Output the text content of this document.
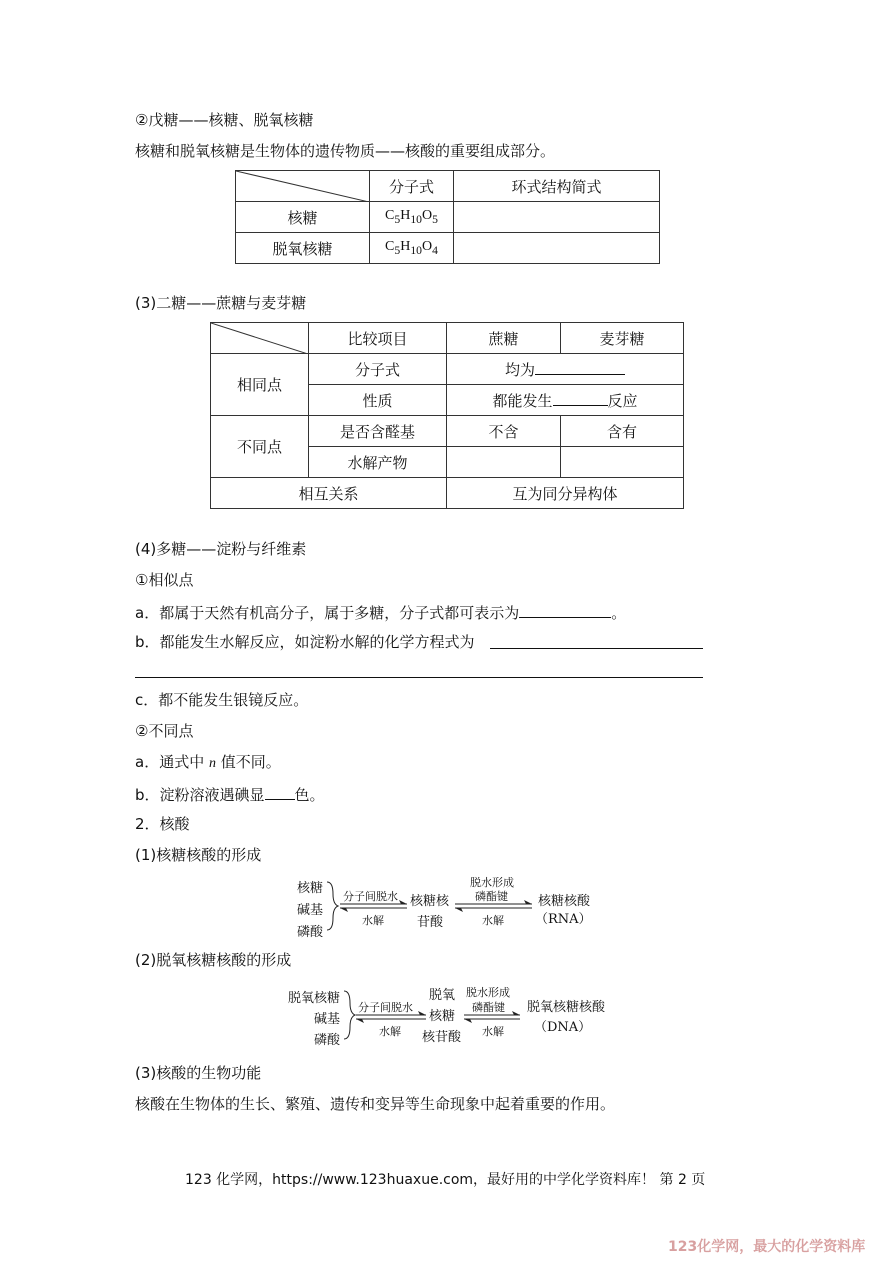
②戊糖——核糖、脱氧核糖
核糖和脱氧核糖是生物体的遗传物质——核酸的重要组成部分。
	分子式	环式结构简式
核糖	$C_5H_{10}O_5$	
脱氧核糖	$C_5H_{10}O_4$	
(3)二糖——蔗糖与麦芽糖
	比较项目	蔗糖	麦芽糖
相同点	分子式	均为	
	性质	都能发生 反应	
不同点	是否含醛基	不含	含有
	水解产物		
相互关系		互为同分异构体	
(4)多糖——淀粉与纤维素
①相似点
a．都属于天然有机高分子，属于多糖，分子式都可表示为	。
b．都能发生水解反应，如淀粉水解的化学方程式为
c．都不能发生银镜反应。
②不同点
a．通式中 n 值不同。
b．淀粉溶液遇碘显 色。
2．核酸
(1)核糖核酸的形成
核糖
碱基
磷酸
分子间脱水
水解
核糖核
苷酸
脱水形成
磷酯键
水解
核糖核酸
（RNA）
(2)脱氧核糖核酸的形成
脱氧核糖
碱基
磷酸
分子间脱水
水解
脱氧
核糖
核苷酸
脱水形成
磷酯键
水解
脱氧核糖核酸
（DNA）
(3)核酸的生物功能
核酸在生物体的生长、繁殖、遗传和变异等生命现象中起着重要的作用。
123 化学网，https://www.123huaxue.com，最好用的中学化学资料库！ 第 2 页
123化学网，最大的化学资料库
